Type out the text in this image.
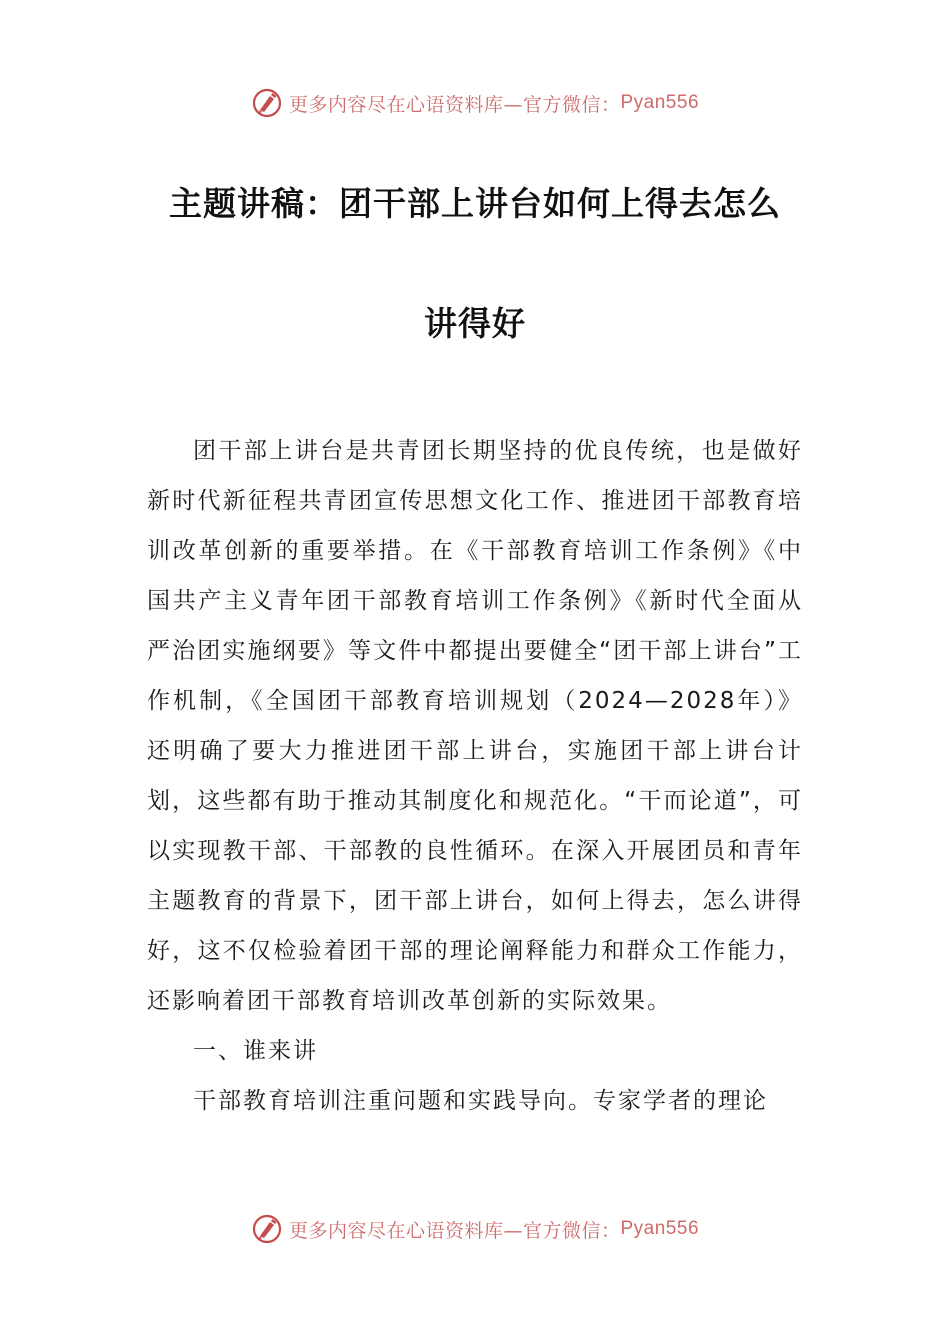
更多内容尽在心语资料库—官方微信： Pyan556
主题讲稿：团干部上讲台如何上得去怎么
讲得好

团干部上讲台是共青团长期坚持的优良传统，也是做好新时代新征程共青团宣传思想文化工作、推进团干部教育培训改革创新的重要举措。在《干部教育培训工作条例》《中国共产主义青年团干部教育培训工作条例》《新时代全面从严治团实施纲要》等文件中都提出要健全“团干部上讲台”工作机制，《全国团干部教育培训规划（2024—2028年）》还明确了要大力推进团干部上讲台，实施团干部上讲台计划，这些都有助于推动其制度化和规范化。“干而论道”，可以实现教干部、干部教的良性循环。在深入开展团员和青年主题教育的背景下，团干部上讲台，如何上得去，怎么讲得好，这不仅检验着团干部的理论阐释能力和群众工作能力，还影响着团干部教育培训改革创新的实际效果。

一、谁来讲

干部教育培训注重问题和实践导向。专家学者的理论

更多内容尽在心语资料库—官方微信： Pyan556
